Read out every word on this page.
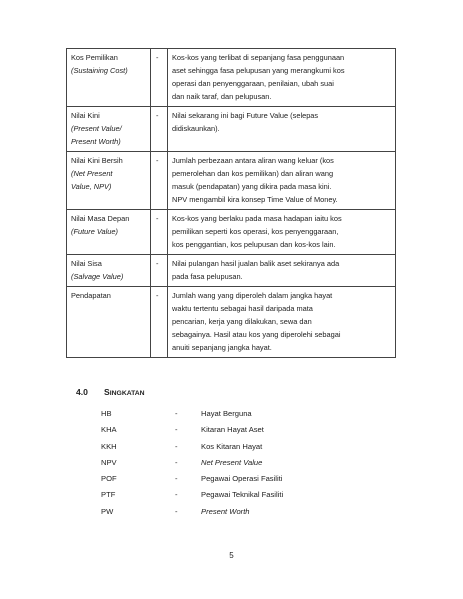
Kos Pemilikan
(Sustaining Cost)	-	Kos-kos yang terlibat di sepanjang fasa penggunaan
aset sehingga fasa pelupusan yang merangkumi kos
operasi dan penyenggaraan, penilaian, ubah suai
dan naik taraf, dan pelupusan.

Nilai Kini
(Present Value/
Present Worth)	-	Nilai sekarang ini bagi Future Value (selepas
didiskaunkan).

Nilai Kini Bersih
(Net Present
Value, NPV)	-	Jumlah perbezaan antara aliran wang keluar (kos
pemerolehan dan kos pemilikan) dan aliran wang
masuk (pendapatan) yang dikira pada masa kini.
NPV mengambil kira konsep Time Value of Money.

Nilai Masa Depan
(Future Value)	-	Kos-kos yang berlaku pada masa hadapan iaitu kos
pemilikan seperti kos operasi, kos penyenggaraan,
kos penggantian, kos pelupusan dan kos-kos lain.

Nilai Sisa
(Salvage Value)	-	Nilai pulangan hasil jualan balik aset sekiranya ada
pada fasa pelupusan.

Pendapatan	-	Jumlah wang yang diperoleh dalam jangka hayat
waktu tertentu sebagai hasil daripada mata
pencarian, kerja yang dilakukan, sewa dan
sebagainya. Hasil atau kos yang diperolehi sebagai
anuiti sepanjang jangka hayat.
4.0 SINGKATAN
HB	-	Hayat Berguna
KHA	-	Kitaran Hayat Aset
KKH	-	Kos Kitaran Hayat
NPV	-	Net Present Value
POF	-	Pegawai Operasi Fasiliti
PTF	-	Pegawai Teknikal Fasiliti
PW	-	Present Worth
5
